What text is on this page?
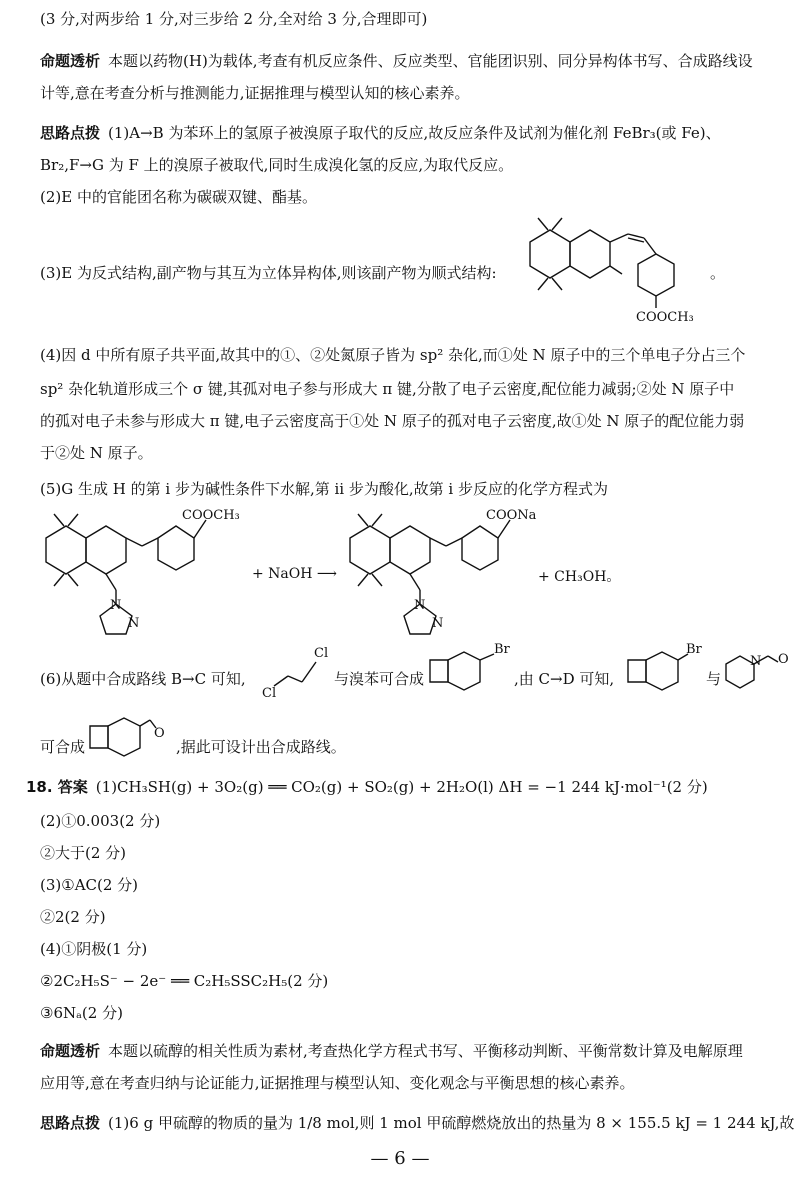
(3 分,对两步给 1 分,对三步给 2 分,全对给 3 分,合理即可)
命题透析 本题以药物(H)为载体,考查有机反应条件、反应类型、官能团识别、同分异构体书写、合成路线设
计等,意在考查分析与推测能力,证据推理与模型认知的核心素养。
思路点拨 (1)A→B 为苯环上的氢原子被溴原子取代的反应,故反应条件及试剂为催化剂 FeBr₃(或 Fe)、
Br₂,F→G 为 F 上的溴原子被取代,同时生成溴化氢的反应,为取代反应。
(2)E 中的官能团名称为碳碳双键、酯基。
(3)E 为反式结构,副产物与其互为立体异构体,则该副产物为顺式结构:	。
COOCH₃
(4)因 d 中所有原子共平面,故其中的①、②处氮原子皆为 sp² 杂化,而①处 N 原子中的三个单电子分占三个
sp² 杂化轨道形成三个 σ 键,其孤对电子参与形成大 π 键,分散了电子云密度,配位能力减弱;②处 N 原子中
的孤对电子未参与形成大 π 键,电子云密度高于①处 N 原子的孤对电子云密度,故①处 N 原子的配位能力弱
于②处 N 原子。
(5)G 生成 H 的第 ⅰ 步为碱性条件下水解,第 ⅱ 步为酸化,故第 ⅰ 步反应的化学方程式为
COOCH₃
N
N
+ NaOH ⟶
COONa
N
N
+ CH₃OH。
(6)从题中合成路线 B→C 可知,
Cl
Cl
与溴苯可合成
Br
,由 C→D 可知,
Br
与
N O
可合成
O
,据此可设计出合成路线。
18. 答案 (1)CH₃SH(g) + 3O₂(g) ══ CO₂(g) + SO₂(g) + 2H₂O(l) ΔH = −1 244 kJ·mol⁻¹(2 分)
(2)①0.003(2 分)
②大于(2 分)
(3)①AC(2 分)
②2(2 分)
(4)①阴极(1 分)
②2C₂H₅S⁻ − 2e⁻ ══ C₂H₅SSC₂H₅(2 分)
③6Nₐ(2 分)
命题透析 本题以硫醇的相关性质为素材,考查热化学方程式书写、平衡移动判断、平衡常数计算及电解原理
应用等,意在考查归纳与论证能力,证据推理与模型认知、变化观念与平衡思想的核心素养。
思路点拨 (1)6 g 甲硫醇的物质的量为 1/8 mol,则 1 mol 甲硫醇燃烧放出的热量为 8 × 155.5 kJ = 1 244 kJ,故
— 6 —
